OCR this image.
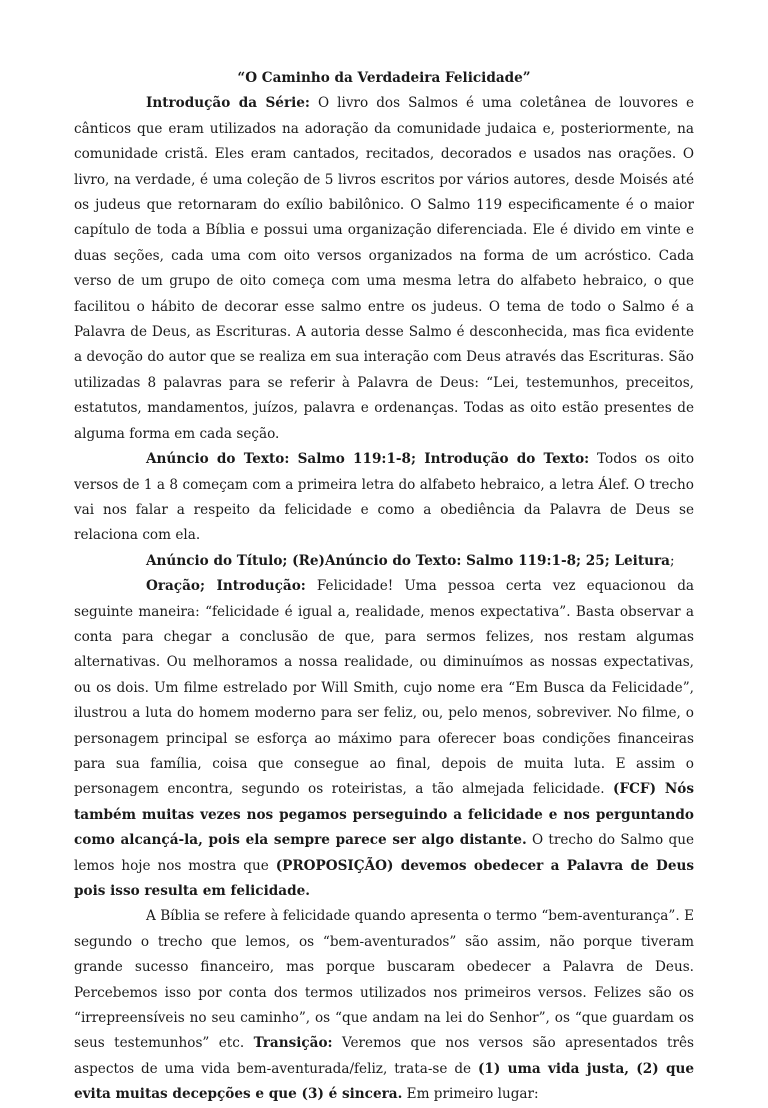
“O Caminho da Verdadeira Felicidade”

Introdução da Série: O livro dos Salmos é uma coletânea de louvores e cânticos que eram utilizados na adoração da comunidade judaica e, posteriormente, na comunidade cristã. Eles eram cantados, recitados, decorados e usados nas orações. O livro, na verdade, é uma coleção de 5 livros escritos por vários autores, desde Moisés até os judeus que retornaram do exílio babilônico. O Salmo 119 especificamente é o maior capítulo de toda a Bíblia e possui uma organização diferenciada. Ele é divido em vinte e duas seções, cada uma com oito versos organizados na forma de um acróstico. Cada verso de um grupo de oito começa com uma mesma letra do alfabeto hebraico, o que facilitou o hábito de decorar esse salmo entre os judeus. O tema de todo o Salmo é a Palavra de Deus, as Escrituras. A autoria desse Salmo é desconhecida, mas fica evidente a devoção do autor que se realiza em sua interação com Deus através das Escrituras. São utilizadas 8 palavras para se referir à Palavra de Deus: “Lei, testemunhos, preceitos, estatutos, mandamentos, juízos, palavra e ordenanças. Todas as oito estão presentes de alguma forma em cada seção.

Anúncio do Texto: Salmo 119:1-8; Introdução do Texto: Todos os oito versos de 1 a 8 começam com a primeira letra do alfabeto hebraico, a letra Álef. O trecho vai nos falar a respeito da felicidade e como a obediência da Palavra de Deus se relaciona com ela.

Anúncio do Título; (Re)Anúncio do Texto: Salmo 119:1-8; 25; Leitura;

Oração; Introdução: Felicidade! Uma pessoa certa vez equacionou da seguinte maneira: “felicidade é igual a, realidade, menos expectativa”. Basta observar a conta para chegar a conclusão de que, para sermos felizes, nos restam algumas alternativas. Ou melhoramos a nossa realidade, ou diminuímos as nossas expectativas, ou os dois. Um filme estrelado por Will Smith, cujo nome era “Em Busca da Felicidade”, ilustrou a luta do homem moderno para ser feliz, ou, pelo menos, sobreviver. No filme, o personagem principal se esforça ao máximo para oferecer boas condições financeiras para sua família, coisa que consegue ao final, depois de muita luta. E assim o personagem encontra, segundo os roteiristas, a tão almejada felicidade. (FCF) Nós também muitas vezes nos pegamos perseguindo a felicidade e nos perguntando como alcançá-la, pois ela sempre parece ser algo distante. O trecho do Salmo que lemos hoje nos mostra que (PROPOSIÇÃO) devemos obedecer a Palavra de Deus pois isso resulta em felicidade.

A Bíblia se refere à felicidade quando apresenta o termo “bem-aventurança”. E segundo o trecho que lemos, os “bem-aventurados” são assim, não porque tiveram grande sucesso financeiro, mas porque buscaram obedecer a Palavra de Deus. Percebemos isso por conta dos termos utilizados nos primeiros versos. Felizes são os “irrepreensíveis no seu caminho”, os “que andam na lei do Senhor”, os “que guardam os seus testemunhos” etc. Transição: Veremos que nos versos são apresentados três aspectos de uma vida bem-aventurada/feliz, trata-se de (1) uma vida justa, (2) que evita muitas decepções e que (3) é sincera. Em primeiro lugar:
